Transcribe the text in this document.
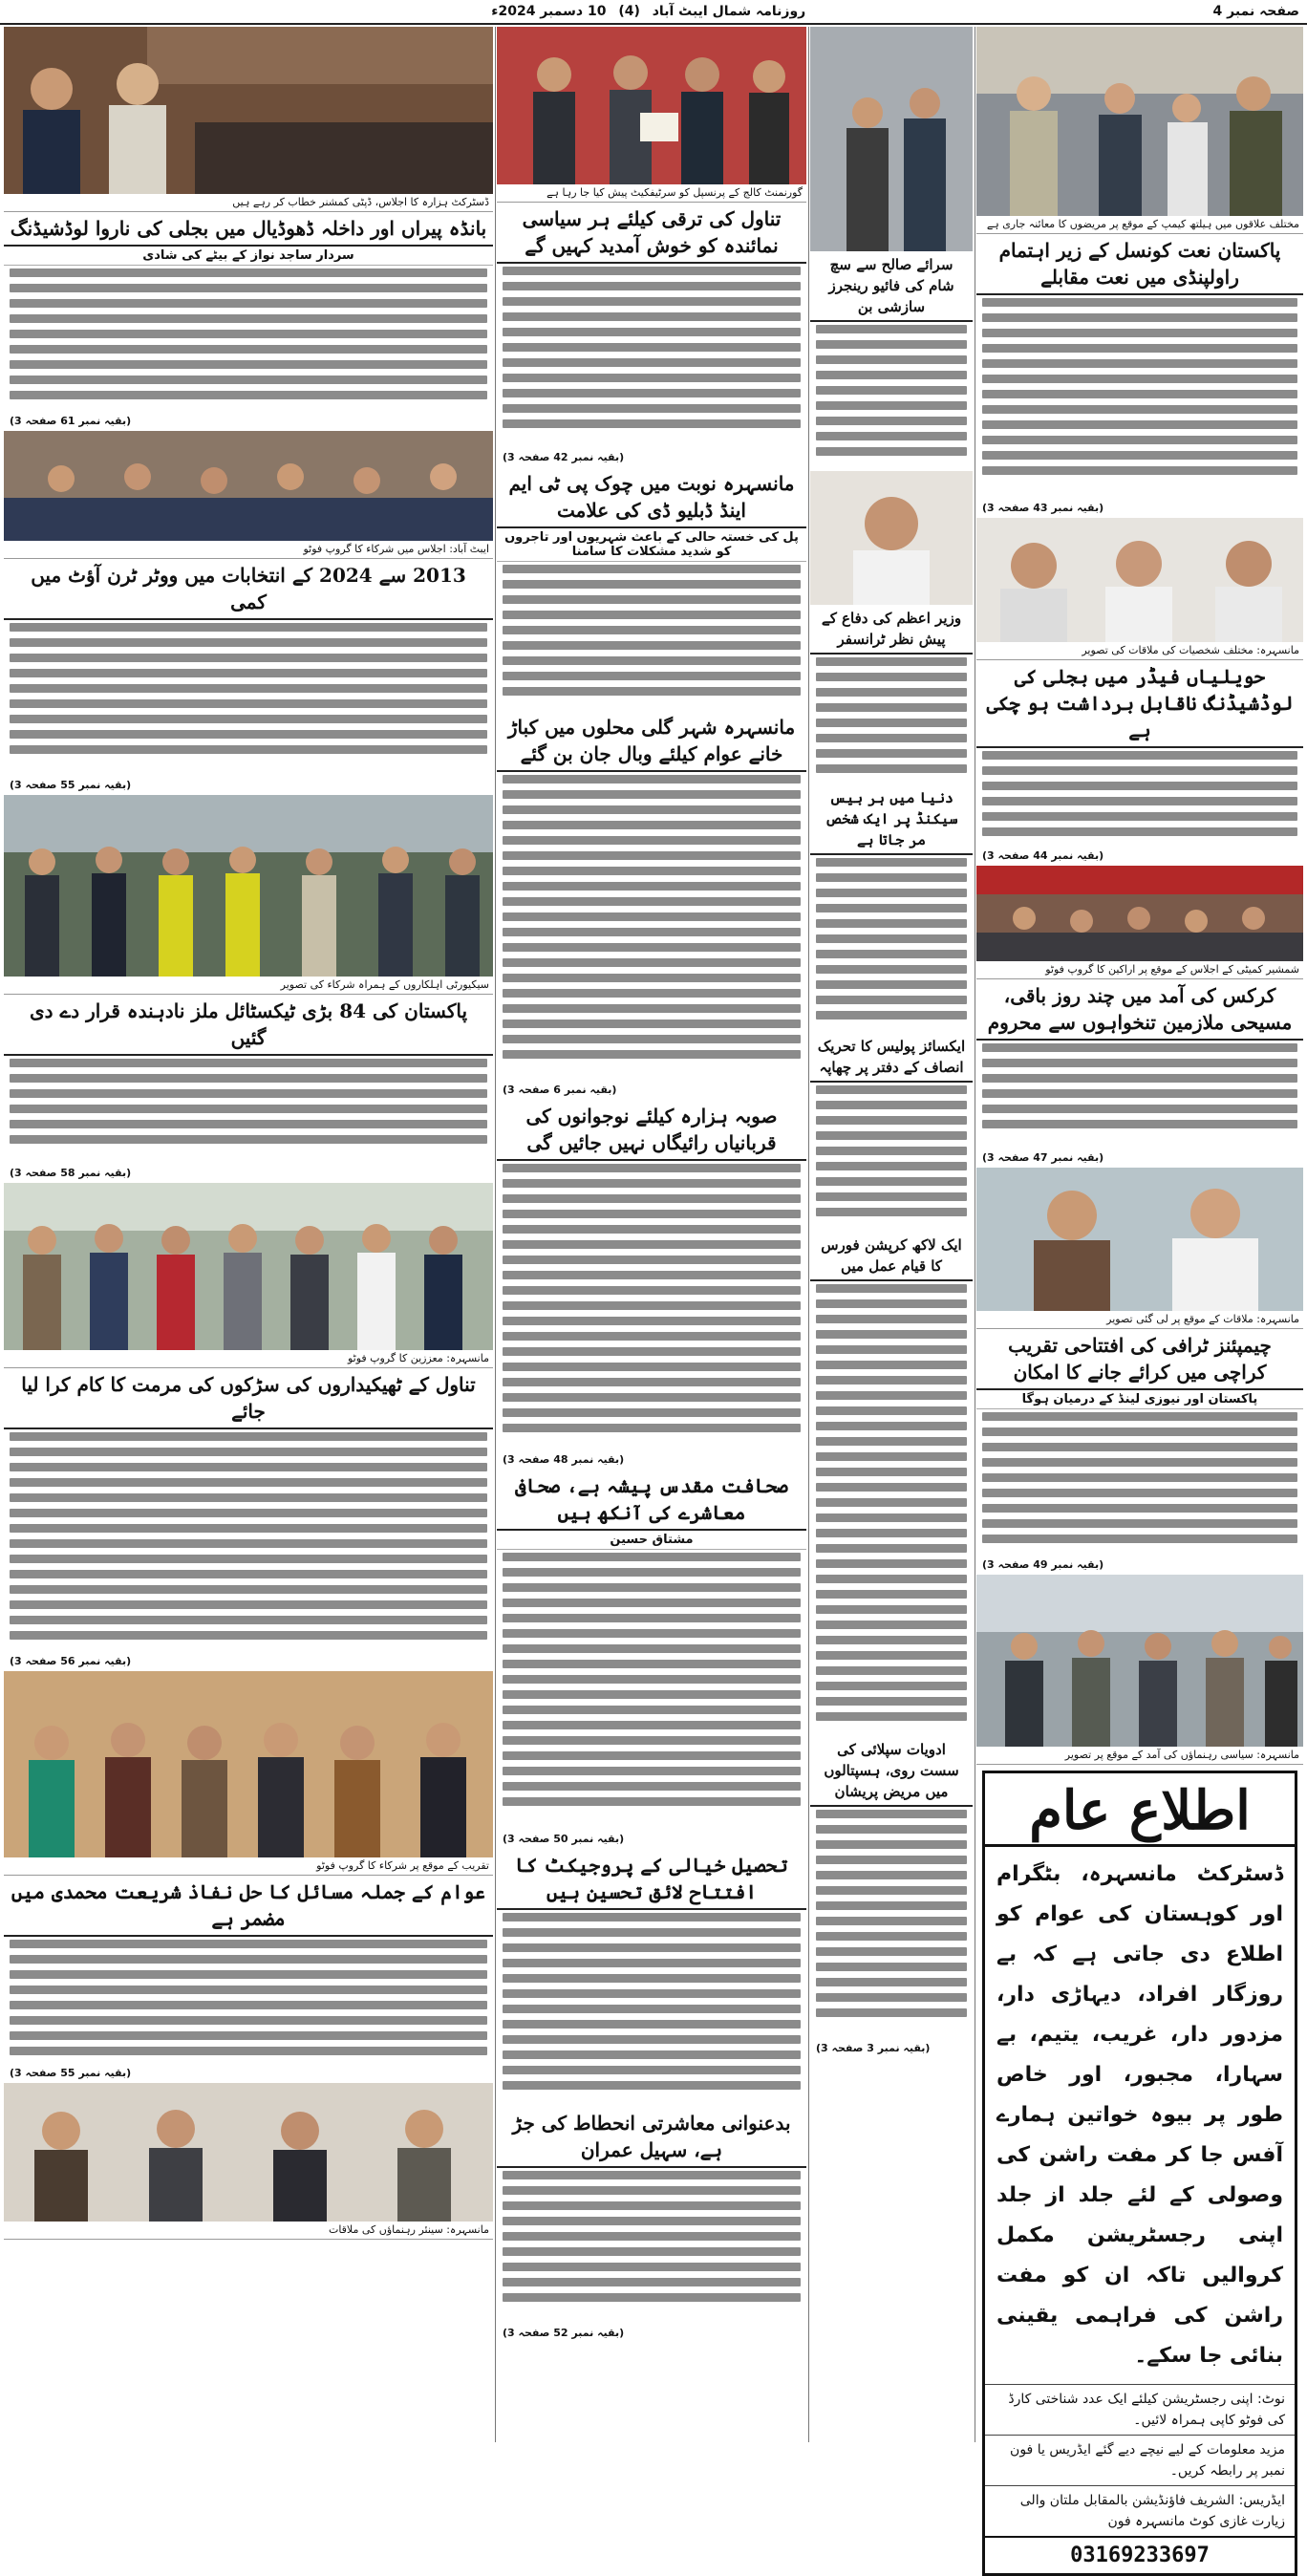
صفحہ نمبر 4
روزنامہ شمال ایبٹ آباد (4) 10 دسمبر 2024ء
مختلف علاقوں میں ہیلتھ کیمپ کے موقع پر مریضوں کا معائنہ جاری ہے
پاکستان نعت کونسل کے زیر اہتمام راولپنڈی میں نعت مقابلے
(بقیہ نمبر 43 صفحہ 3)
مانسہرہ: مختلف شخصیات کی ملاقات کی تصویر
حویلیاں فیڈر میں بجلی کی لوڈشیڈنگ ناقابل برداشت ہو چکی ہے
(بقیہ نمبر 44 صفحہ 3)
شمشیر کمیٹی کے اجلاس کے موقع پر اراکین کا گروپ فوٹو
کرکس کی آمد میں چند روز باقی، مسیحی ملازمین تنخواہوں سے محروم
(بقیہ نمبر 47 صفحہ 3)
مانسہرہ: ملاقات کے موقع پر لی گئی تصویر
چیمپئنز ٹرافی کی افتتاحی تقریب کراچی میں کرائے جانے کا امکان
پاکستان اور نیوزی لینڈ کے درمیان ہوگا
(بقیہ نمبر 49 صفحہ 3)
مانسہرہ: سیاسی رہنماؤں کی آمد کے موقع پر تصویر
اطلاع عام
ڈسٹرکٹ مانسہرہ، بٹگرام اور کوہستان کی عوام کو اطلاع دی جاتی ہے کہ بے روزگار افراد، دیہاڑی دار، مزدور دار، غریب، یتیم، بے سہارا، مجبور، اور خاص طور پر بیوہ خواتین ہمارے آفس جا کر مفت راشن کی وصولی کے لئے جلد از جلد اپنی رجسٹریشن مکمل کروالیں تاکہ ان کو مفت راشن کی فراہمی یقینی بنائی جا سکے۔
نوٹ: اپنی رجسٹریشن کیلئے ایک عدد شناختی کارڈ کی فوٹو کاپی ہمراہ لائیں۔
مزید معلومات کے لیے نیچے دیے گئے ایڈریس یا فون نمبر پر رابطہ کریں۔
ایڈریس: الشریف فاؤنڈیشن بالمقابل ملتان والی زیارت غازی کوٹ مانسہرہ فون
03169233697
سرائے صالح سے سچ شام کی فائیو رینجرز سازشی بن
وزیر اعظم کی دفاع کے پیش نظر ٹرانسفر
دنیا میں ہر بیس سیکنڈ پر ایک شخص مر جاتا ہے
ایکسائز پولیس کا تحریک انصاف کے دفتر پر چھاپہ
ایک لاکھ کرپشن فورس کا قیام عمل میں
ادویات سپلائی کی سست روی، ہسپتالوں میں مریض پریشان
(بقیہ نمبر 3 صفحہ 3)
گورنمنٹ کالج کے پرنسپل کو سرٹیفکیٹ پیش کیا جا رہا ہے
تناول کی ترقی کیلئے ہر سیاسی نمائندہ کو خوش آمدید کہیں گے
(بقیہ نمبر 42 صفحہ 3)
مانسہرہ نوبت میں چوک پی ٹی ایم اینڈ ڈبلیو ڈی کی علامت
پل کی خستہ حالی کے باعث شہریوں اور تاجروں کو شدید مشکلات کا سامنا
مانسہرہ شہر گلی محلوں میں کباڑ خانے عوام کیلئے وبال جان بن گئے
(بقیہ نمبر 6 صفحہ 3)
صوبہ ہزارہ کیلئے نوجوانوں کی قربانیاں رائیگاں نہیں جائیں گی
(بقیہ نمبر 48 صفحہ 3)
صحافت مقدس پیشہ ہے، صحافی معاشرے کی آنکھ ہیں
مشتاق حسین
(بقیہ نمبر 50 صفحہ 3)
تحصیل خیالی کے پروجیکٹ کا افتتاح لائق تحسین ہیں
بدعنوانی معاشرتی انحطاط کی جڑ ہے، سہیل عمران
(بقیہ نمبر 52 صفحہ 3)
ڈسٹرکٹ ہزارہ کا اجلاس، ڈپٹی کمشنر خطاب کر رہے ہیں
بانڈہ پیراں اور داخلہ ڈھوڈیال میں بجلی کی ناروا لوڈشیڈنگ
سردار ساجد نواز کے بیٹے کی شادی
(بقیہ نمبر 61 صفحہ 3)
ایبٹ آباد: اجلاس میں شرکاء کا گروپ فوٹو
2013 سے 2024 کے انتخابات میں ووٹر ٹرن آؤٹ میں کمی
(بقیہ نمبر 55 صفحہ 3)
سیکیورٹی اہلکاروں کے ہمراہ شرکاء کی تصویر
پاکستان کی 84 بڑی ٹیکسٹائل ملز نادہندہ قرار دے دی گئیں
(بقیہ نمبر 58 صفحہ 3)
مانسہرہ: معززین کا گروپ فوٹو
تناول کے ٹھیکیداروں کی سڑکوں کی مرمت کا کام کرا لیا جائے
(بقیہ نمبر 56 صفحہ 3)
تقریب کے موقع پر شرکاء کا گروپ فوٹو
عوام کے جملہ مسائل کا حل نفاذ شریعت محمدی میں مضمر ہے
(بقیہ نمبر 55 صفحہ 3)
مانسہرہ: سینئر رہنماؤں کی ملاقات
